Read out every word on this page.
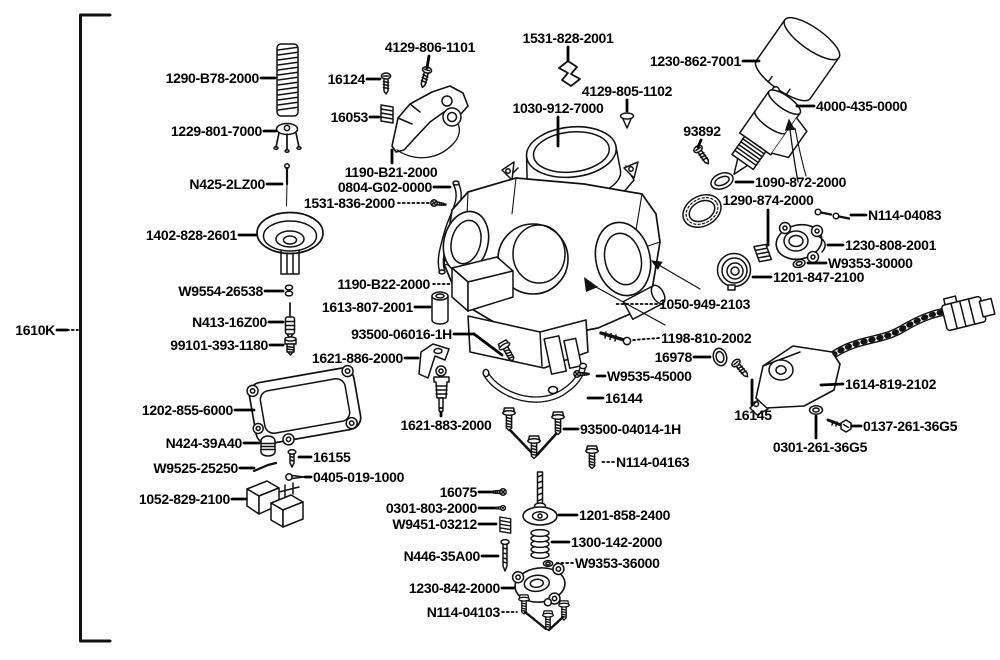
1290-B78-2000
1229-801-7000
N425-2LZ00
1402-828-2601
W9554-26538
N413-16Z00
99101-393-1180
1202-855-6000
N424-39A40
W9525-25250
1052-829-2100
1610K
16124
16053
4129-806-1101
1190-B21-2000
0804-G02-0000
1531-836-2000
1190-B22-2000
1613-807-2001
93500-06016-1H
1621-886-2000
1621-883-2000
16155
0405-019-1000
16075
0301-803-2000
W9451-03212
N446-35A00
1230-842-2000
N114-04103
1531-828-2001
1230-862-7001
4129-805-1102
1030-912-7000	4000-435-0000
93892
1090-872-2000
1290-874-2000
N114-04083
1230-808-2001
W9353-30000
1201-847-2100
1050-949-2103
1198-810-2002
16978
W9535-45000
16144
1614-819-2102
93500-04014-1H
16145
0137-261-36G5
0301-261-36G5
N114-04163
1201-858-2400
1300-142-2000
W9353-36000
